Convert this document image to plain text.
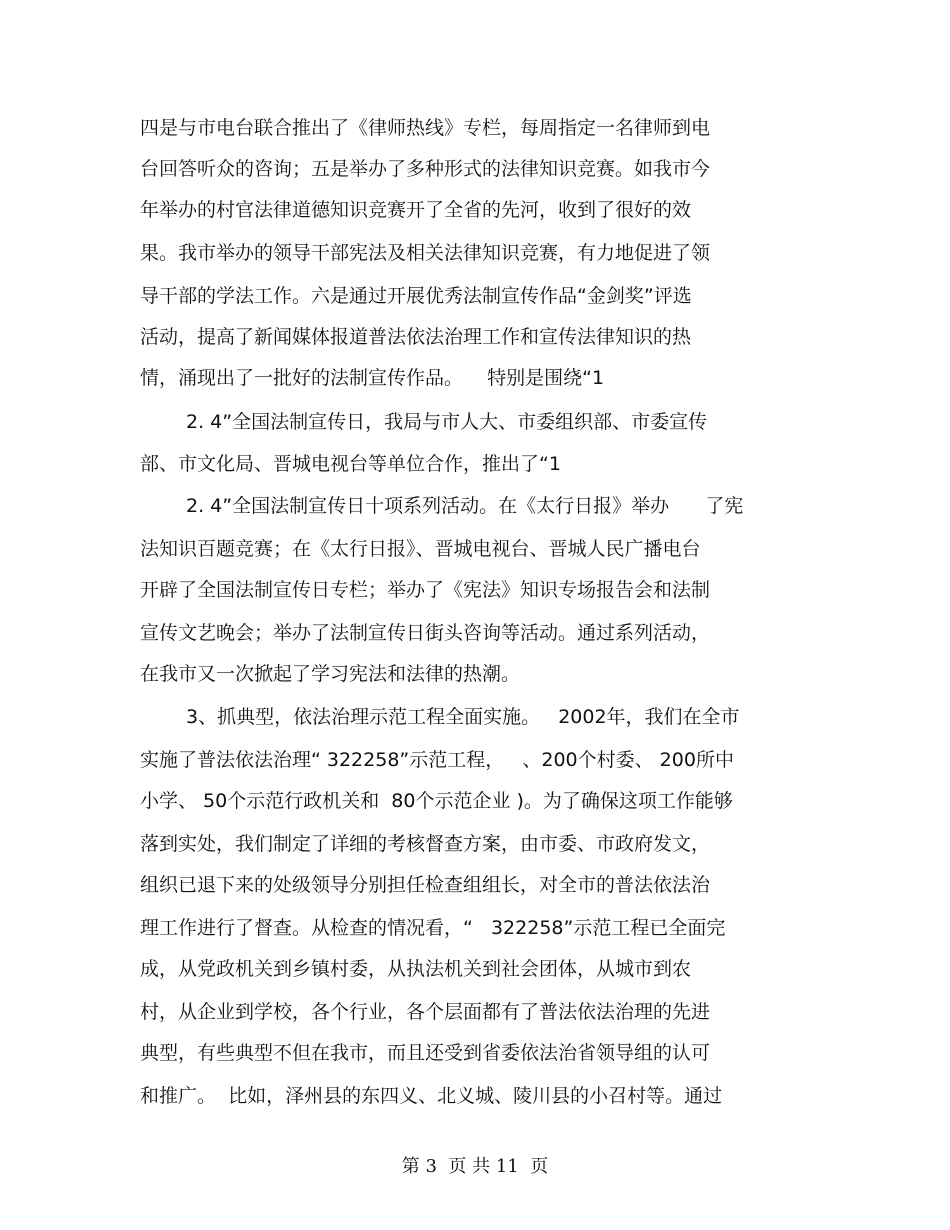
四是与市电台联合推出了《律师热线》专栏，每周指定一名律师到电
台回答听众的咨询；五是举办了多种形式的法律知识竞赛。如我市今
年举办的村官法律道德知识竞赛开了全省的先河，收到了很好的效
果。我市举办的领导干部宪法及相关法律知识竞赛，有力地促进了领
导干部的学法工作。六是通过开展优秀法制宣传作品“金剑奖”评选
活动，提高了新闻媒体报道普法依法治理工作和宣传法律知识的热
情，涌现出了一批好的法制宣传作品。    特别是围绕“1
2. 4”全国法制宣传日，我局与市人大、市委组织部、市委宣传
部、市文化局、晋城电视台等单位合作，推出了“1
2. 4”全国法制宣传日十项系列活动。在《太行日报》举办      了宪
法知识百题竞赛；在《太行日报》、晋城电视台、晋城人民广播电台
开辟了全国法制宣传日专栏；举办了《宪法》知识专场报告会和法制
宣传文艺晚会；举办了法制宣传日街头咨询等活动。通过系列活动，
在我市又一次掀起了学习宪法和法律的热潮。
3、抓典型，依法治理示范工程全面实施。   2002年，我们在全市
实施了普法依法治理“ 322258”示范工程，   、200个村委、 200所中
小学、 50个示范行政机关和  80个示范企业 )。为了确保这项工作能够
落到实处，我们制定了详细的考核督查方案，由市委、市政府发文，
组织已退下来的处级领导分别担任检查组组长，对全市的普法依法治
理工作进行了督查。从检查的情况看，“   322258”示范工程已全面完
成，从党政机关到乡镇村委，从执法机关到社会团体，从城市到农
村，从企业到学校，各个行业，各个层面都有了普法依法治理的先进
典型，有些典型不但在我市，而且还受到省委依法治省领导组的认可
和推广。  比如，泽州县的东四义、北义城、陵川县的小召村等。通过
第 3  页 共 11  页
